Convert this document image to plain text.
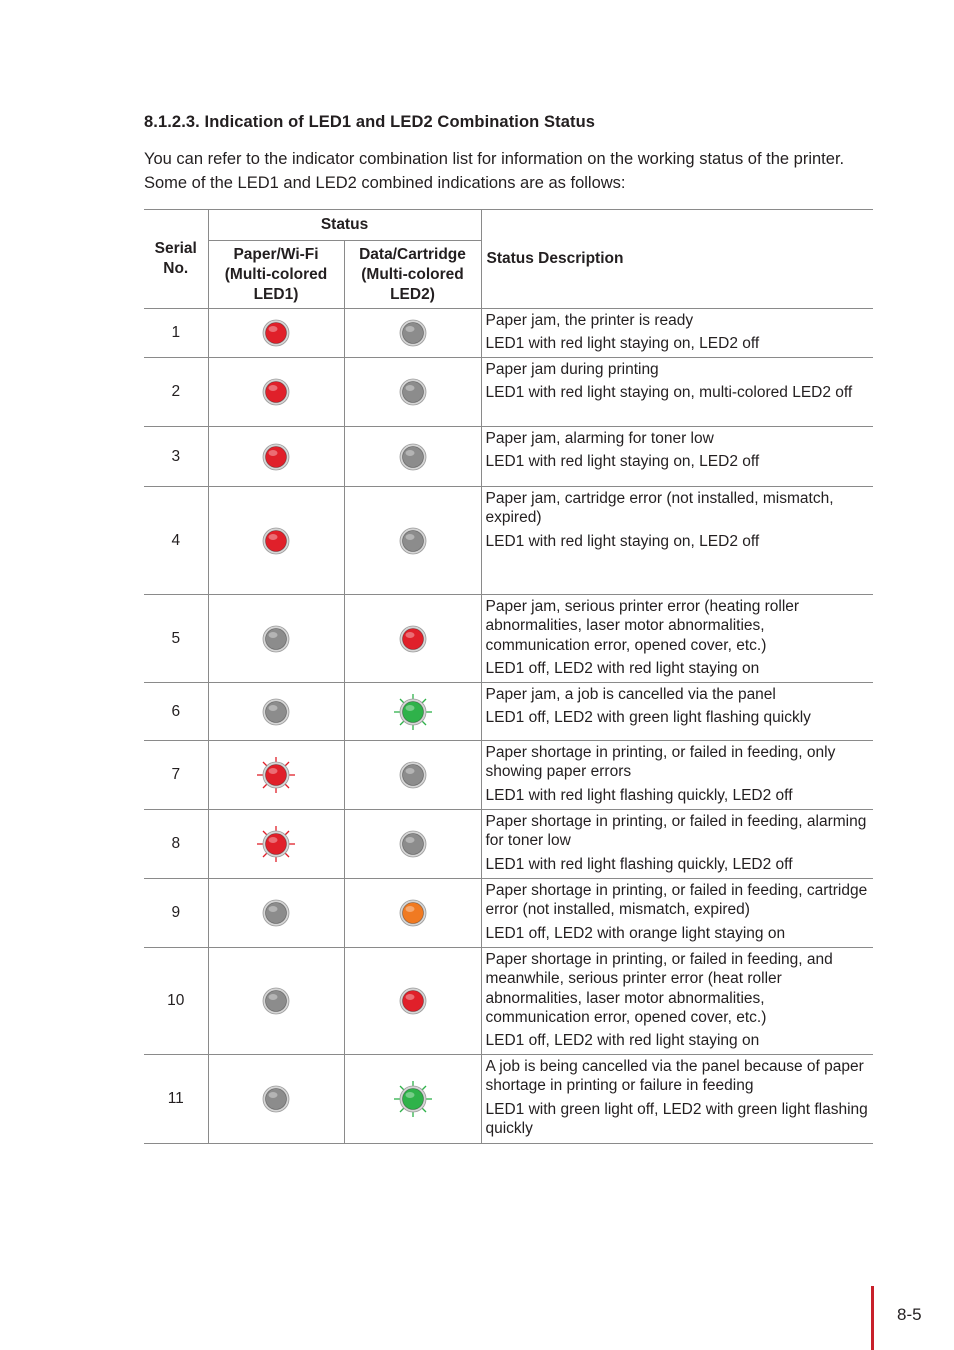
8.1.2.3. Indication of LED1 and LED2 Combination Status
You can refer to the indicator combination list for information on the working status of the printer. Some of the LED1 and LED2 combined indications are as follows:
Serial No.	Status		Status Description
	Paper/Wi-Fi (Multi-colored LED1)	Data/Cartridge (Multi-colored LED2)	
1			Paper jam, the printer is ready
LED1 with red light staying on, LED2 off

2			Paper jam during printing
LED1 with red light staying on, multi-colored LED2 off

3			Paper jam, alarming for toner low
LED1 with red light staying on, LED2 off

4			Paper jam, cartridge error (not installed, mismatch, expired)
LED1 with red light staying on, LED2 off

5			Paper jam, serious printer error (heating roller abnormalities, laser motor abnormalities, communication error, opened cover, etc.)
LED1 off, LED2 with red light staying on

6			Paper jam, a job is cancelled via the panel
LED1 off, LED2 with green light flashing quickly

7			Paper shortage in printing, or failed in feeding, only showing paper errors
LED1 with red light flashing quickly, LED2 off

8			Paper shortage in printing, or failed in feeding, alarming for toner low
LED1 with red light flashing quickly, LED2 off

9			Paper shortage in printing, or failed in feeding, cartridge error (not installed, mismatch, expired)
LED1 off, LED2 with orange light staying on

10			Paper shortage in printing, or failed in feeding, and meanwhile, serious printer error (heat roller abnormalities, laser motor abnormalities, communication error, opened cover, etc.)
LED1 off, LED2 with red light staying on

11			A job is being cancelled via the panel because of paper shortage in printing or failure in feeding
LED1 with green light off, LED2 with green light flashing quickly
8-5
